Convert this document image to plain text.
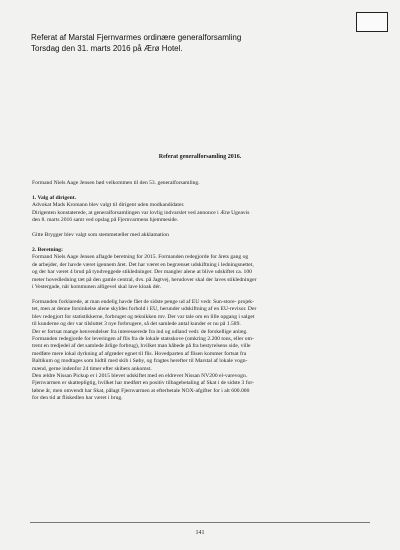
Referat af Marstal Fjernvarmes ordinære generalforsamling
Torsdag den 31. marts 2016 på Ærø Hotel.
Referat generalforsamling 2016.
Formand Niels Aage Jensen bød velkommen til den 53. generalforsamling.
1. Valg af dirigent.
Advokat Mads Kromann blev valgt til dirigent uden modkandidater.
Dirigenten konstaterede, at generalforsamlingen var lovlig indvarslet ved annonce i Ærø Ugeavis
den 8. marts 2016 samt ved opslag på Fjernvarmens hjemmeside.
Gitte Brygger blev valgt som stemmetæller med akklamation
2. Beretning:
Formand Niels Aage Jensen aflagde beretning for 2015. Formanden redegjorde for årets gang og
de arbejder, der havde været igennem året. Det har været en begrænset udskiftning i ledningsnettet,
og der har været 4 brud på tyndveggede stikledninger. Der mangler alene at blive udskiftet ca. 100
meter hovedledning tæt på den gamle central, dvs. på Jagtvej, herudover skal der laves stikledninger
i Vestergade, når kommunen alligevel skal lave kloak dér.
Formanden forklarede, at man endelig havde fået de sidste penge ud af EU vedr. Sun-store- projek-
tet, men at denne forsinkelse alene skyldes forhold i EU, herunder udskiftning af en EU-revisor. Der
blev redegjort for statistikkerne, forbruget og teknikken mv. Der var tale om en lille opgang i salget
til kunderne og der var tilsluttet 3 nye forbrugere, så det samlede antal kunder er nu på 1.589.
Der er fortsat mange henvendelser fra interesserede fra ind og udland vedr. de forskellige anlæg.
Formanden redegjorde for leveringen af flis fra de lokale statsskove (omkring 2.200 tons, eller om-
trent en tredjedel af det samlede årlige forbrug), hvilket man håbede på fra bestyrelsens side, ville
medføre mere lokal dyrkning af afgrøder egnet til flis. Hovedparten af flisen kommer fortsat fra
Baltikum og modtages som hidtil med skib i Søby, og fragtes herefter til Marstal af lokale vogn-
mænd, gerne indenfor 24 timer efter skibets ankomst.
Den ældre Nissan Pickup er i 2015 blevet udskiftet med en eldrevet Nissan NV200 el-varevogn.
Fjernvarmen er skattepligtig, hvilket har medført en positiv tilbagebetaling af Skat i de sidste 3 for-
løbne år, men omvendt har Skat, pålagt Fjernvarmen at efterbetale NOX-afgifter for i alt 600.000
for den tid at fliskedlen har været i brug.
141
